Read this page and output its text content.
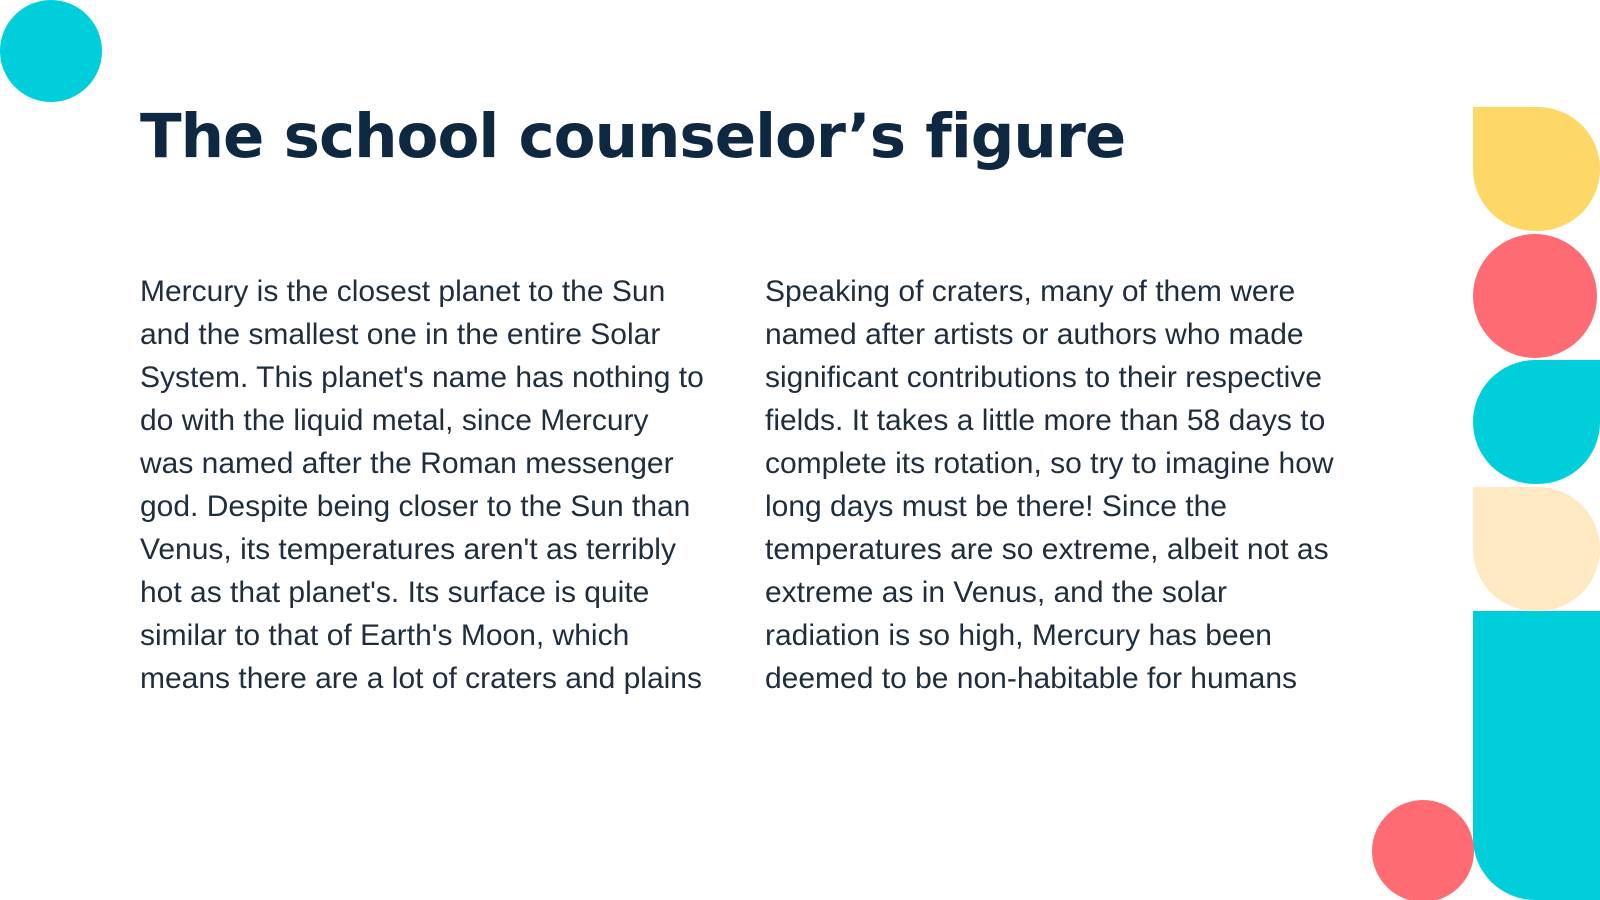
The school counselor’s figure

Mercury is the closest planet to the Sun and the smallest one in the entire Solar System. This planet's name has nothing to do with the liquid metal, since Mercury was named after the Roman messenger god. Despite being closer to the Sun than Venus, its temperatures aren't as terribly hot as that planet's. Its surface is quite similar to that of Earth's Moon, which means there are a lot of craters and plains

Speaking of craters, many of them were named after artists or authors who made significant contributions to their respective fields. It takes a little more than 58 days to complete its rotation, so try to imagine how long days must be there! Since the temperatures are so extreme, albeit not as extreme as in Venus, and the solar radiation is so high, Mercury has been deemed to be non-habitable for humans
